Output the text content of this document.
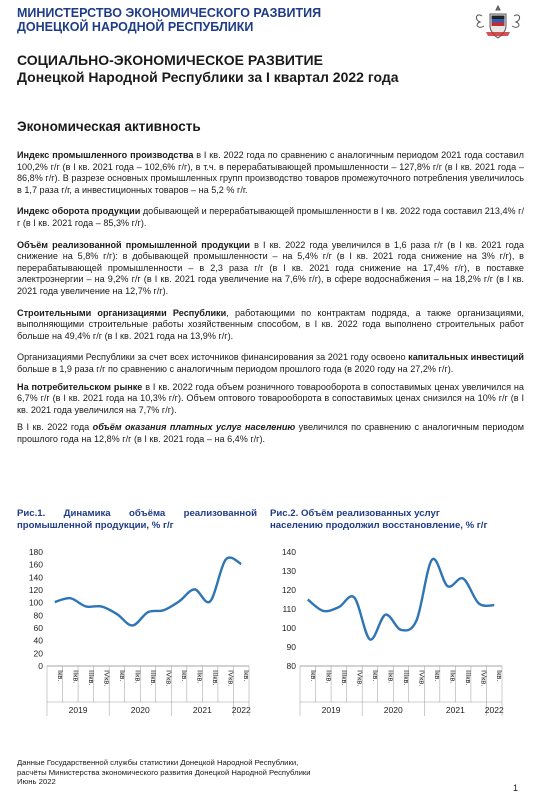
МИНИСТЕРСТВО ЭКОНОМИЧЕСКОГО РАЗВИТИЯ
ДОНЕЦКОЙ НАРОДНОЙ РЕСПУБЛИКИ
СОЦИАЛЬНО-ЭКОНОМИЧЕСКОЕ РАЗВИТИЕ
Донецкой Народной Республики за I квартал 2022 года
Экономическая активность

Индекс промышленного производства в I кв. 2022 года по сравнению с аналогичным периодом 2021 года составил 100,2% г/г (в I кв. 2021 года – 102,6% г/г), в т.ч. в перерабатывающей промышленности – 127,8% г/г (в I кв. 2021 года – 86,8% г/г). В разрезе основных промышленных групп производство товаров промежуточного потребления увеличилось в 1,7 раза г/г, а инвестиционных товаров – на 5,2 % г/г.

Индекс оборота продукции добывающей и перерабатывающей промышленности в I кв. 2022 года составил 213,4% г/г (в I кв. 2021 года – 85,3% г/г).

Объём реализованной промышленной продукции в I кв. 2022 года увеличился в 1,6 раза г/г (в I кв. 2021 года снижение на 5,8% г/г): в добывающей промышленности – на 5,4% г/г (в I кв. 2021 года снижение на 3% г/г), в перерабатывающей промышленности – в 2,3 раза г/г (в I кв. 2021 года снижение на 17,4% г/г), в поставке электроэнергии – на 9,2% г/г (в I кв. 2021 года увеличение на 7,6% г/г), в сфере водоснабжения – на 18,2% г/г (в I кв. 2021 года увеличение на 12,7% г/г).

Строительными организациями Республики, работающими по контрактам подряда, а также организациями, выполняющими строительные работы хозяйственным способом, в I кв. 2022 года выполнено строительных работ больше на 49,4% г/г (в I кв. 2021 года на 13,9% г/г).

Организациями Республики за счет всех источников финансирования за 2021 году освоено капитальных инвестиций больше в 1,9 раза г/г по сравнению с аналогичным периодом прошлого года (в 2020 году на 27,2% г/г).

На потребительском рынке в I кв. 2022 года объем розничного товарооборота в сопоставимых ценах увеличился на 6,7% г/г (в I кв. 2021 года на 10,3% г/г). Объем оптового товарооборота в сопоставимых ценах снизился на 10% г/г (в I кв. 2021 года увеличился на 7,7% г/г).

В I кв. 2022 года объём оказания платных услуг населению увеличился по сравнению с аналогичным периодом прошлого года на 12,8% г/г (в I кв. 2021 года – на 6,4% г/г).

Рис.1. Динамика объёма реализованной
промышленной продукции, % г/г
0
20
40
60
80
100
120
140
160
180
Iкв. IIкв. IIIкв. IVкв. Iкв. IIкв. IIIкв. IVкв. Iкв. IIкв. IIIкв. IVкв. Iкв.
2019	2020	2021 2022
Рис.2. Объём реализованных услуг
населению продолжил восстановление, % г/г
80
90
100
110
120
130
140
Iкв. IIкв. IIIкв. IVкв. Iкв. IIкв. IIIкв. IVкв. Iкв. IIкв. IIIкв. IVкв. Iкв.
2019	2020	2021 2022
Данные Государственной службы статистики Донецкой Народной Республики,
расчёты Министерства экономического развития Донецкой Народной Республики
Июнь 2022
1
